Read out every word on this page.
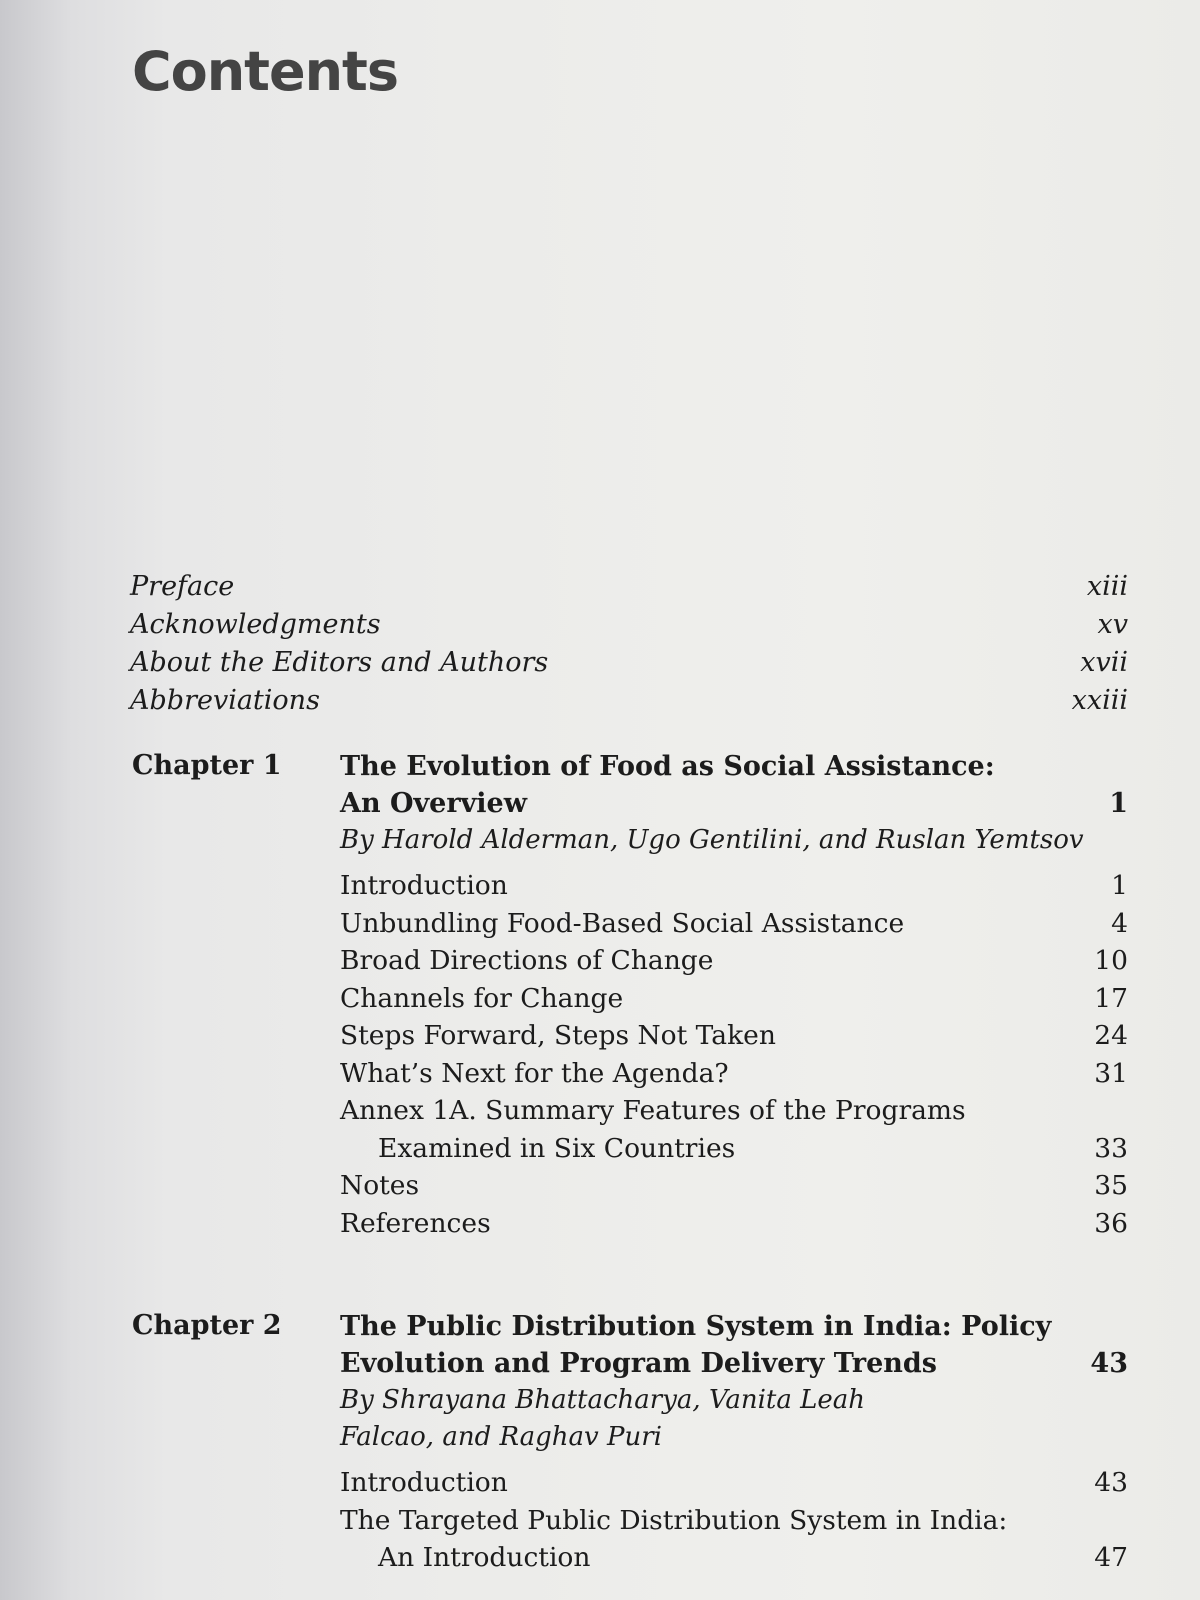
Contents
Preface	xiii
Acknowledgments	xv
About the Editors and Authors	xvii
Abbreviations	xxiii
Chapter 1 The Evolution of Food as Social Assistance:
An Overview	1
By Harold Alderman, Ugo Gentilini, and Ruslan Yemtsov
Introduction	1
Unbundling Food-Based Social Assistance	4
Broad Directions of Change	10
Channels for Change	17
Steps Forward, Steps Not Taken	24
What’s Next for the Agenda?	31
Annex 1A. Summary Features of the Programs
Examined in Six Countries	33
Notes	35
References	36
Chapter 2 The Public Distribution System in India: Policy
Evolution and Program Delivery Trends	43
By Shrayana Bhattacharya, Vanita Leah
Falcao, and Raghav Puri
Introduction	43
The Targeted Public Distribution System in India:
An Introduction	47
